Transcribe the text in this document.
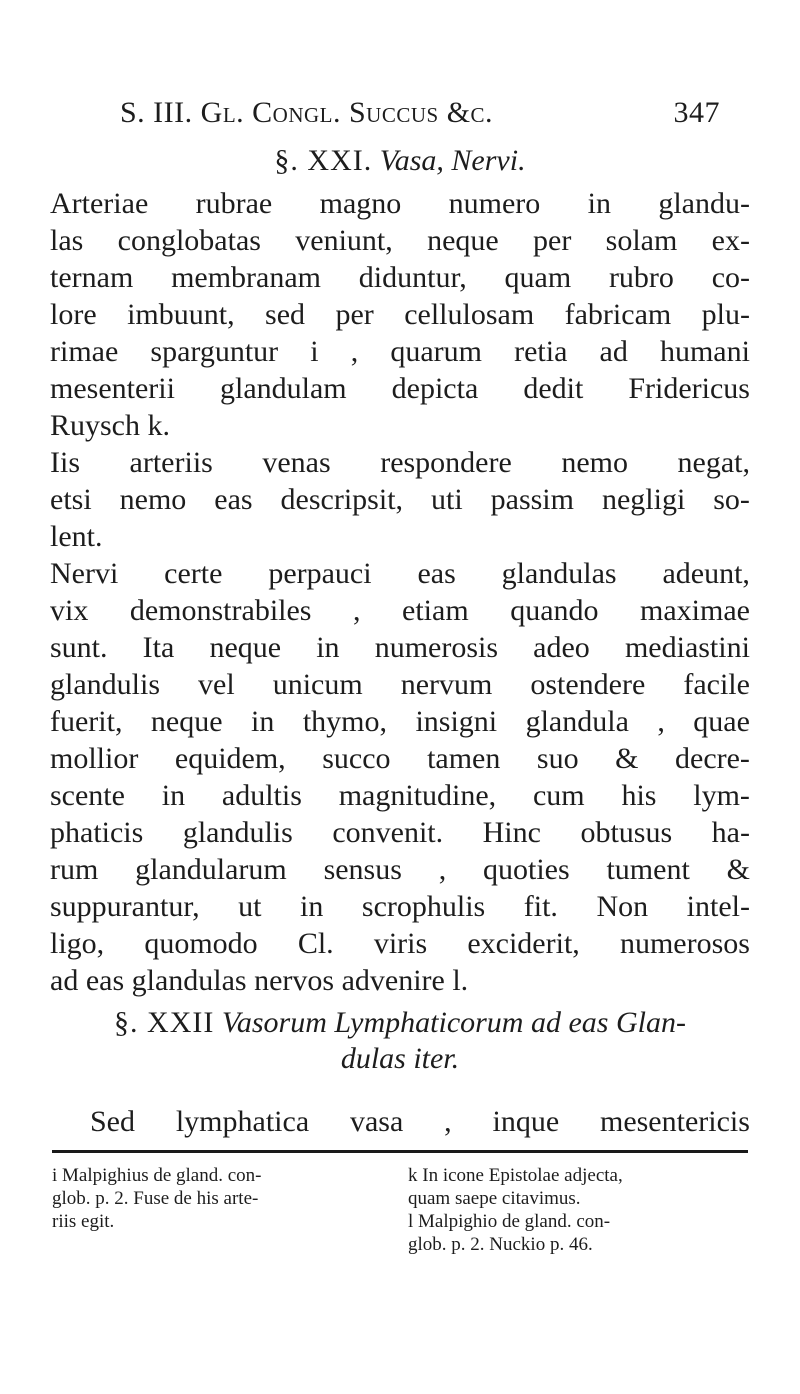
S. III. Gl. Congl. Succus &c.	347
§. XXI. Vasa, Nervi.
Arteriae rubrae magno numero in glandu-
las conglobatas veniunt, neque per solam ex-
ternam membranam diduntur, quam rubro co-
lore imbuunt, sed per cellulosam fabricam plu-
rimae sparguntur i , quarum retia ad humani
mesenterii glandulam depicta dedit Fridericus
Ruysch k.
Iis arteriis venas respondere nemo negat,
etsi nemo eas descripsit, uti passim negligi so-
lent.
Nervi certe perpauci eas glandulas adeunt,
vix demonstrabiles , etiam quando maximae
sunt. Ita neque in numerosis adeo mediastini
glandulis vel unicum nervum ostendere facile
fuerit, neque in thymo, insigni glandula , quae
mollior equidem, succo tamen suo & decre-
scente in adultis magnitudine, cum his lym-
phaticis glandulis convenit. Hinc obtusus ha-
rum glandularum sensus , quoties tument &
suppurantur, ut in scrophulis fit. Non intel-
ligo, quomodo Cl. viris exciderit, numerosos
ad eas glandulas nervos advenire l.
§. XXII Vasorum Lymphaticorum ad eas Glan-
dulas iter.
Sed lymphatica vasa , inque mesentericis
i Malpighius de gland. con-
glob. p. 2. Fuse de his arte-
riis egit.
k In icone Epistolae adjecta,
quam saepe citavimus.
l Malpighio de gland. con-
glob. p. 2. Nuckio p. 46.
